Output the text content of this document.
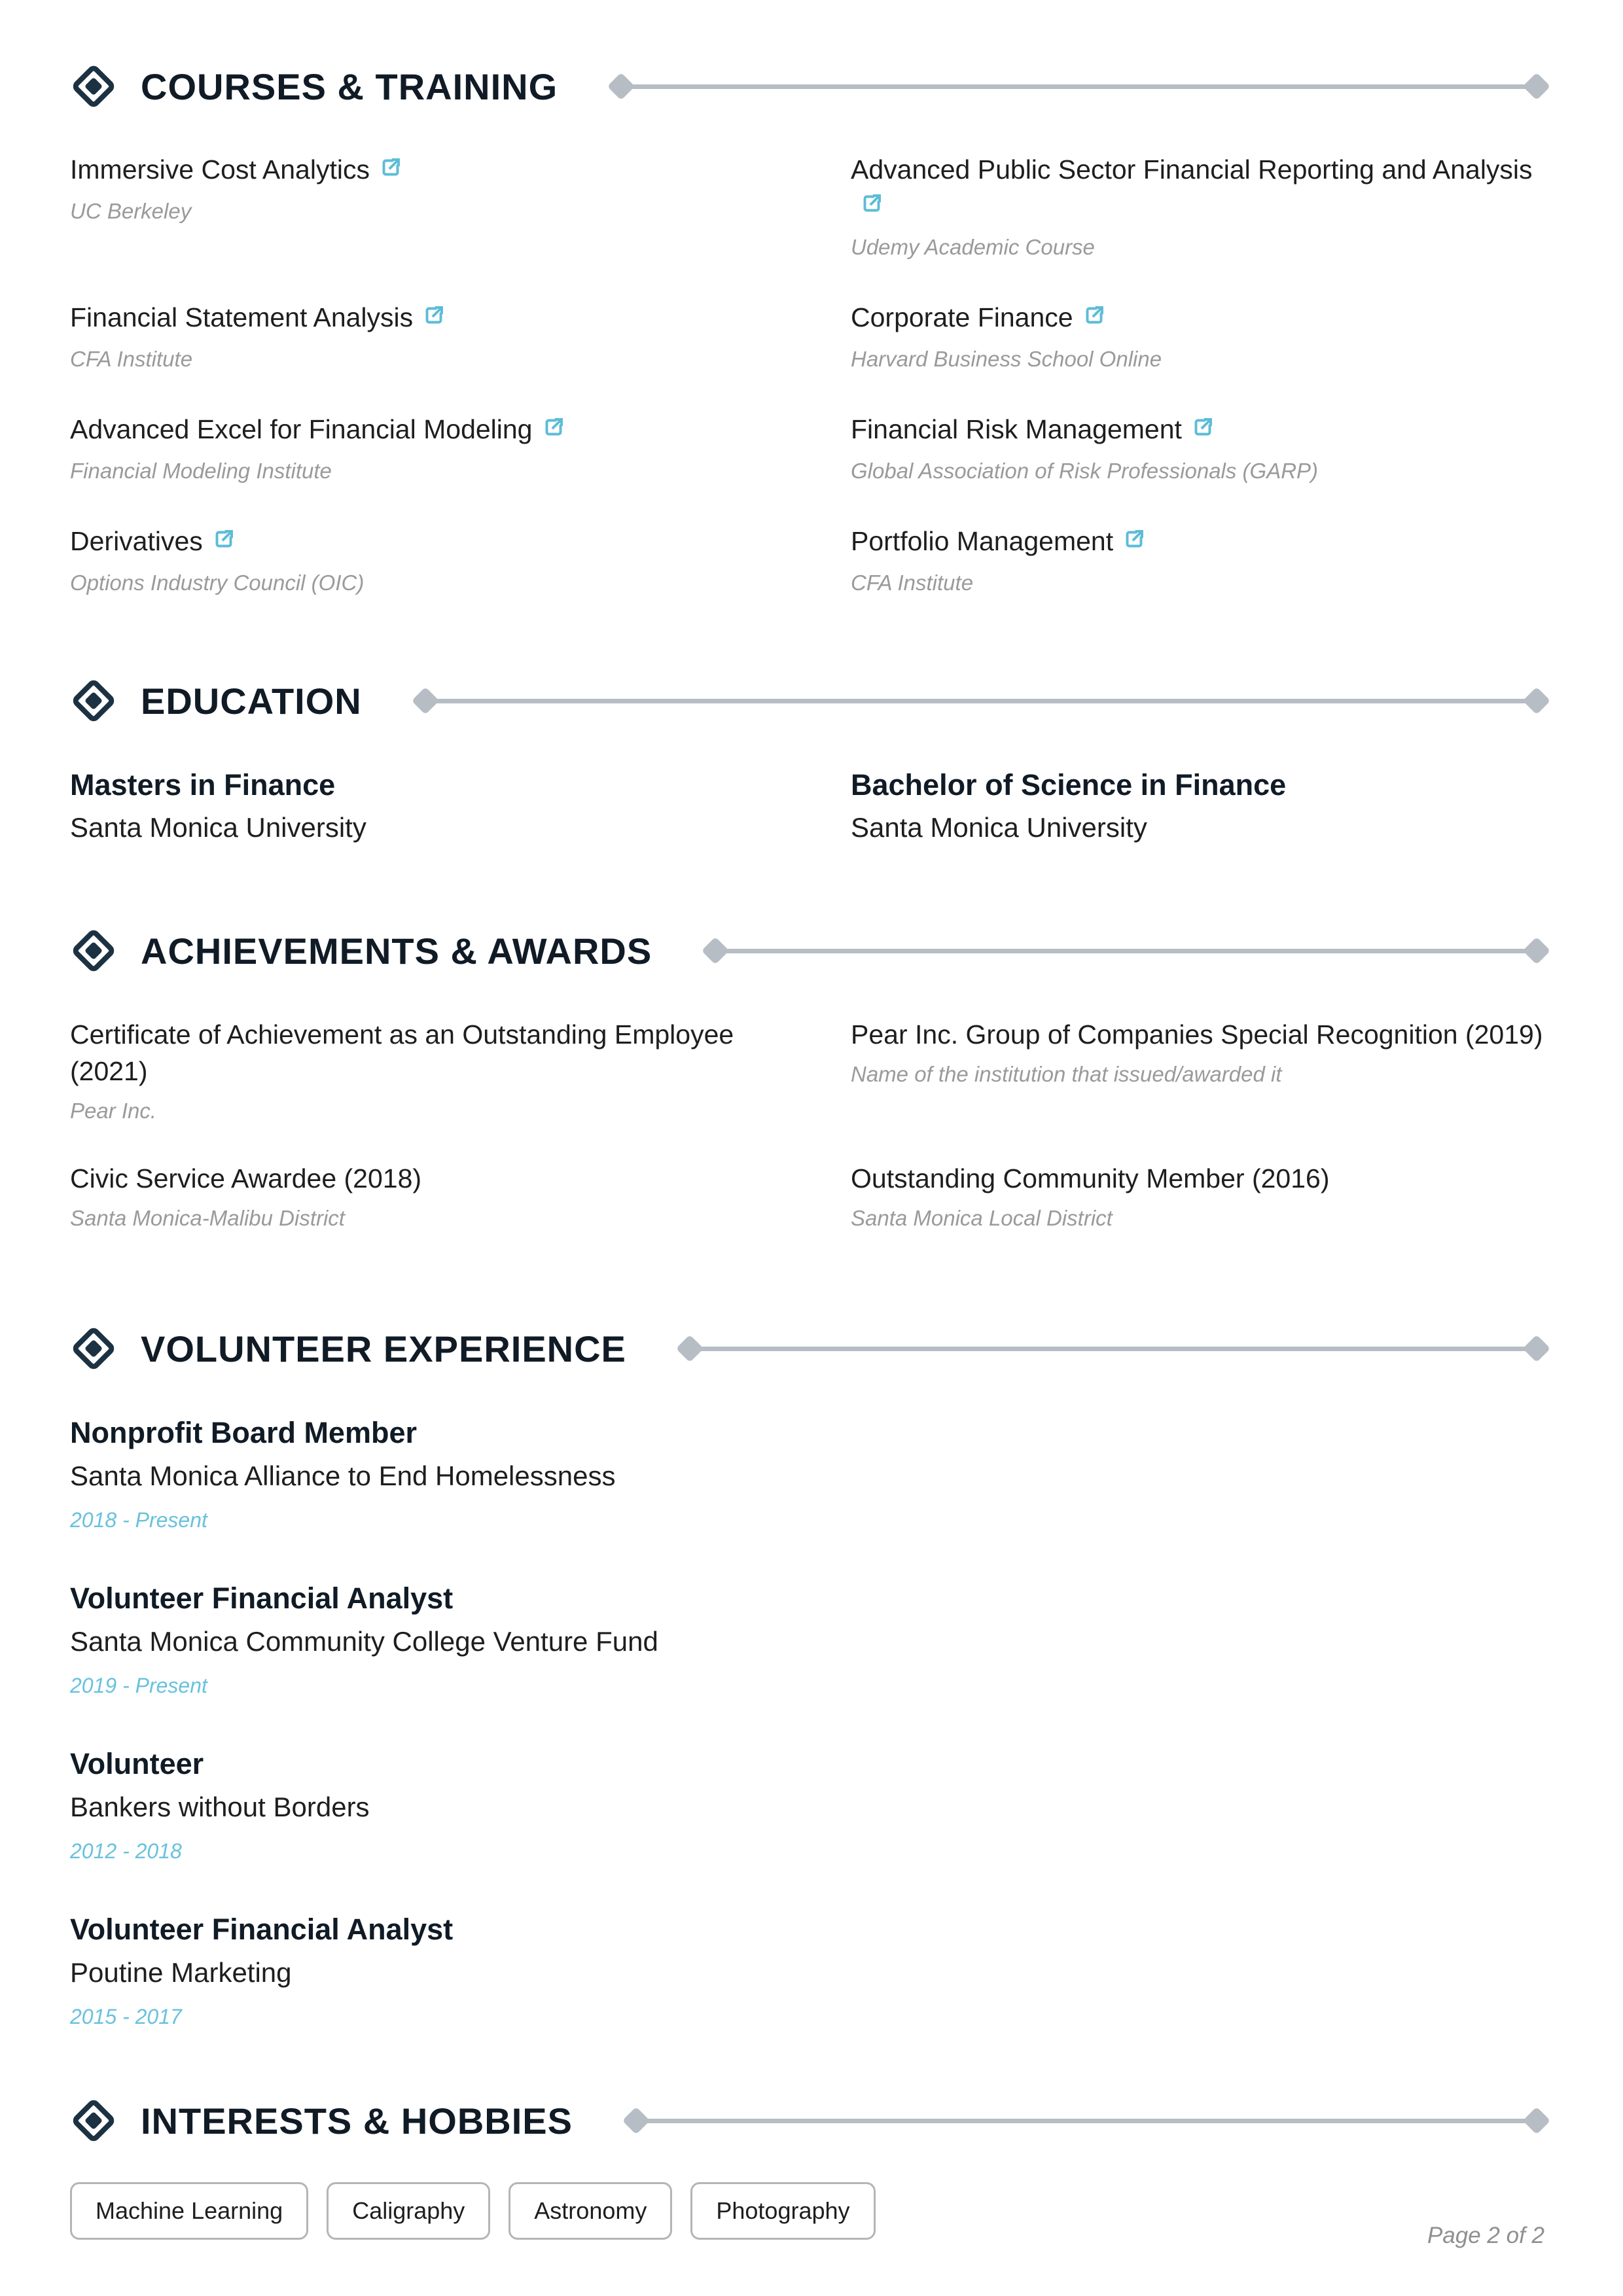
COURSES & TRAINING
Immersive Cost Analytics

UC Berkeley

Advanced Public Sector Financial Reporting and Analysis

Udemy Academic Course

Financial Statement Analysis

CFA Institute

Corporate Finance

Harvard Business School Online

Advanced Excel for Financial Modeling

Financial Modeling Institute

Financial Risk Management

Global Association of Risk Professionals (GARP)

Derivatives

Options Industry Council (OIC)

Portfolio Management

CFA Institute

EDUCATION
Masters in Finance

Santa Monica University

Bachelor of Science in Finance

Santa Monica University

ACHIEVEMENTS & AWARDS
Certificate of Achievement as an Outstanding Employee (2021)

Pear Inc.

Pear Inc. Group of Companies Special Recognition (2019)

Name of the institution that issued/awarded it

Civic Service Awardee (2018)

Santa Monica-Malibu District

Outstanding Community Member (2016)

Santa Monica Local District

VOLUNTEER EXPERIENCE
Nonprofit Board Member

Santa Monica Alliance to End Homelessness

2018 - Present

Volunteer Financial Analyst

Santa Monica Community College Venture Fund

2019 - Present

Volunteer

Bankers without Borders

2012 - 2018

Volunteer Financial Analyst

Poutine Marketing

2015 - 2017

INTERESTS & HOBBIES
Machine Learning	Caligraphy	Astronomy	Photography
Page 2 of 2
